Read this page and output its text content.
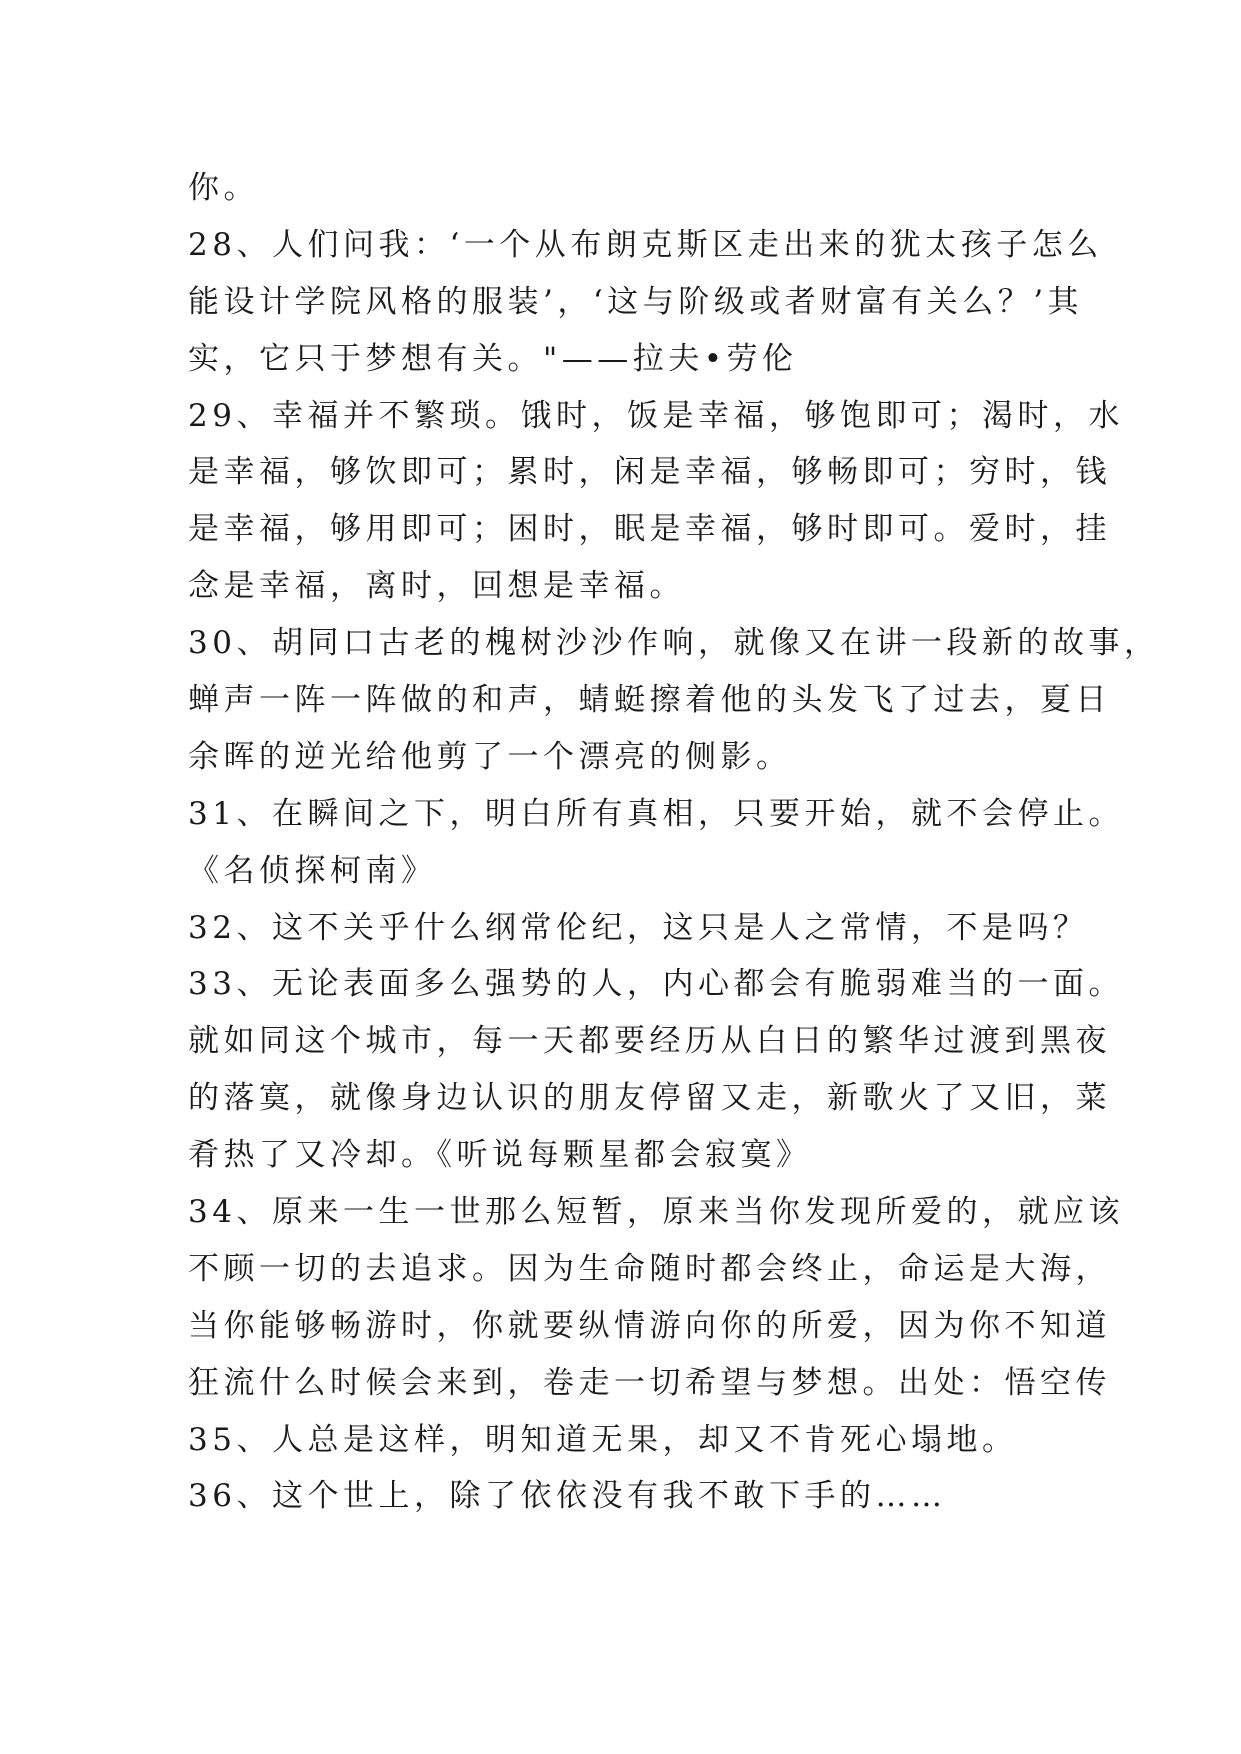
你。
28、人们问我：‘一个从布朗克斯区走出来的犹太孩子怎么
能设计学院风格的服装’，‘这与阶级或者财富有关么？’其
实，它只于梦想有关。"——拉夫•劳伦
29、幸福并不繁琐。饿时，饭是幸福，够饱即可；渴时，水
是幸福，够饮即可；累时，闲是幸福，够畅即可；穷时，钱
是幸福，够用即可；困时，眠是幸福，够时即可。爱时，挂
念是幸福，离时，回想是幸福。
30、胡同口古老的槐树沙沙作响，就像又在讲一段新的故事，
蝉声一阵一阵做的和声，蜻蜓擦着他的头发飞了过去，夏日
余晖的逆光给他剪了一个漂亮的侧影。
31、在瞬间之下，明白所有真相，只要开始，就不会停止。
《名侦探柯南》
32、这不关乎什么纲常伦纪，这只是人之常情，不是吗？
33、无论表面多么强势的人，内心都会有脆弱难当的一面。
就如同这个城市，每一天都要经历从白日的繁华过渡到黑夜
的落寞，就像身边认识的朋友停留又走，新歌火了又旧，菜
肴热了又冷却。《听说每颗星都会寂寞》
34、原来一生一世那么短暂，原来当你发现所爱的，就应该
不顾一切的去追求。因为生命随时都会终止，命运是大海，
当你能够畅游时，你就要纵情游向你的所爱，因为你不知道
狂流什么时候会来到，卷走一切希望与梦想。出处：悟空传
35、人总是这样，明知道无果，却又不肯死心塌地。
36、这个世上，除了依依没有我不敢下手的……
